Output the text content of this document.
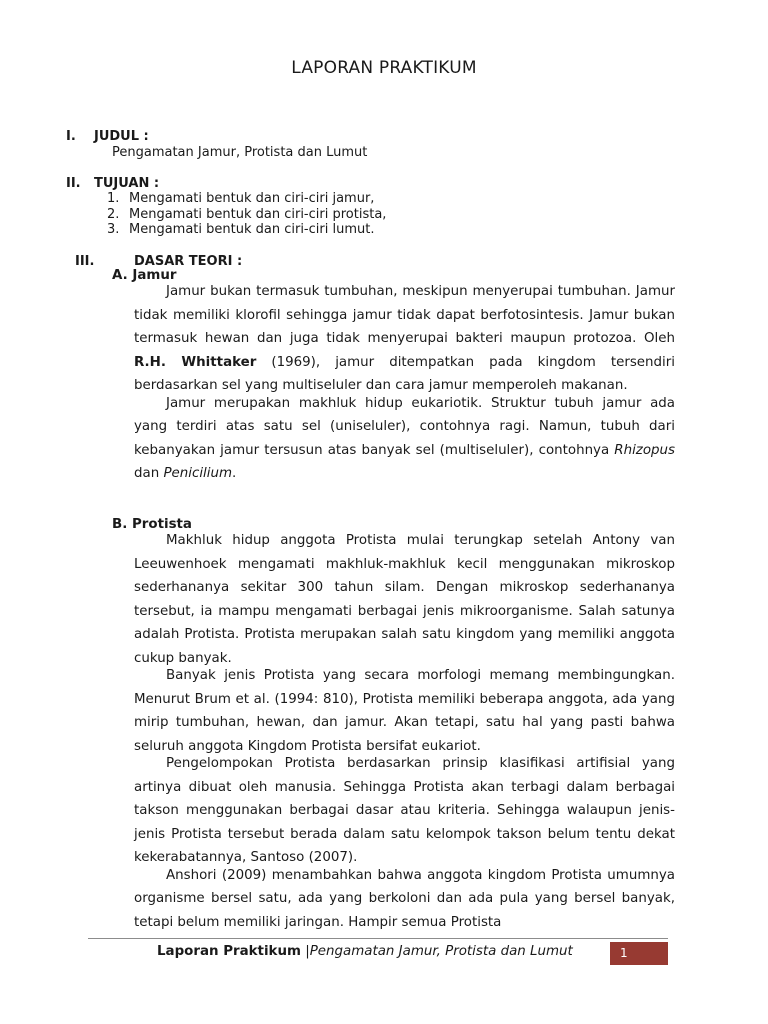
LAPORAN PRAKTIKUM
I. JUDUL :
Pengamatan Jamur, Protista dan Lumut
II. TUJUAN :
1. Mengamati bentuk dan ciri-ciri jamur,
2. Mengamati bentuk dan ciri-ciri protista,
3. Mengamati bentuk dan ciri-ciri lumut.
III.	DASAR TEORI :
A. Jamur

Jamur bukan termasuk tumbuhan, meskipun menyerupai tumbuhan. Jamur tidak memiliki klorofil sehingga jamur tidak dapat berfotosintesis. Jamur bukan termasuk hewan dan juga tidak menyerupai bakteri maupun protozoa. Oleh R.H. Whittaker (1969), jamur ditempatkan pada kingdom tersendiri berdasarkan sel yang multiseluler dan cara jamur memperoleh makanan.

Jamur merupakan makhluk hidup eukariotik. Struktur tubuh jamur ada yang terdiri atas satu sel (uniseluler), contohnya ragi. Namun, tubuh dari kebanyakan jamur tersusun atas banyak sel (multiseluler), contohnya Rhizopus dan Penicilium.

B. Protista

Makhluk hidup anggota Protista mulai terungkap setelah Antony van Leeuwenhoek mengamati makhluk-makhluk kecil menggunakan mikroskop sederhananya sekitar 300 tahun silam. Dengan mikroskop sederhananya tersebut, ia mampu mengamati berbagai jenis mikroorganisme. Salah satunya adalah Protista. Protista merupakan salah satu kingdom yang memiliki anggota cukup banyak.

Banyak jenis Protista yang secara morfologi memang membingungkan. Menurut Brum et al. (1994: 810), Protista memiliki beberapa anggota, ada yang mirip tumbuhan, hewan, dan jamur. Akan tetapi, satu hal yang pasti bahwa seluruh anggota Kingdom Protista bersifat eukariot.

Pengelompokan Protista berdasarkan prinsip klasifikasi artifisial yang artinya dibuat oleh manusia. Sehingga Protista akan terbagi dalam berbagai takson menggunakan berbagai dasar atau kriteria. Sehingga walaupun jenis-jenis Protista tersebut berada dalam satu kelompok takson belum tentu dekat kekerabatannya, Santoso (2007).

Anshori (2009) menambahkan bahwa anggota kingdom Protista umumnya organisme bersel satu, ada yang berkoloni dan ada pula yang bersel banyak, tetapi belum memiliki jaringan. Hampir semua Protista

Laporan Praktikum |Pengamatan Jamur, Protista dan Lumut	1
